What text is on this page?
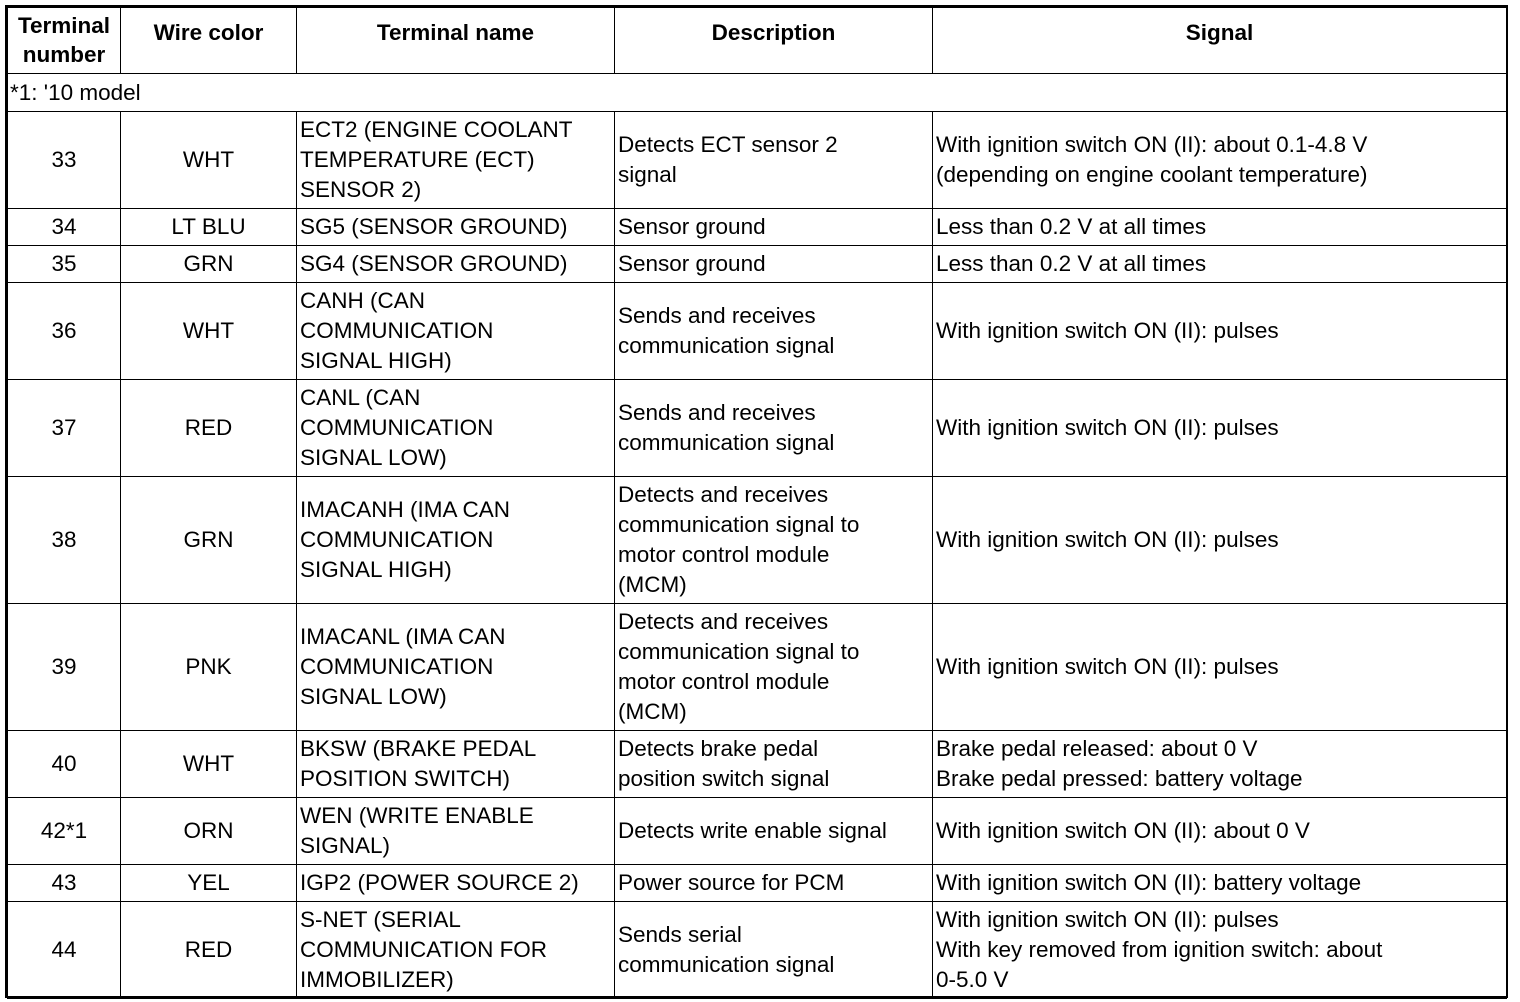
Terminal
number	Wire color	Terminal name	Description	Signal
*1: '10 model				
33	WHT	ECT2 (ENGINE COOLANT
TEMPERATURE (ECT)
SENSOR 2)	Detects ECT sensor 2
signal	With ignition switch ON (II): about 0.1-4.8 V
(depending on engine coolant temperature)
34	LT BLU	SG5 (SENSOR GROUND)	Sensor ground	Less than 0.2 V at all times
35	GRN	SG4 (SENSOR GROUND)	Sensor ground	Less than 0.2 V at all times
36	WHT	CANH (CAN
COMMUNICATION
SIGNAL HIGH)	Sends and receives
communication signal	With ignition switch ON (II): pulses
37	RED	CANL (CAN
COMMUNICATION
SIGNAL LOW)	Sends and receives
communication signal	With ignition switch ON (II): pulses
38	GRN	IMACANH (IMA CAN
COMMUNICATION
SIGNAL HIGH)	Detects and receives
communication signal to
motor control module
(MCM)	With ignition switch ON (II): pulses
39	PNK	IMACANL (IMA CAN
COMMUNICATION
SIGNAL LOW)	Detects and receives
communication signal to
motor control module
(MCM)	With ignition switch ON (II): pulses
40	WHT	BKSW (BRAKE PEDAL
POSITION SWITCH)	Detects brake pedal
position switch signal	Brake pedal released: about 0 V
Brake pedal pressed: battery voltage
42*1	ORN	WEN (WRITE ENABLE
SIGNAL)	Detects write enable signal	With ignition switch ON (II): about 0 V
43	YEL	IGP2 (POWER SOURCE 2)	Power source for PCM	With ignition switch ON (II): battery voltage
44	RED	S-NET (SERIAL
COMMUNICATION FOR
IMMOBILIZER)	Sends serial
communication signal	With ignition switch ON (II): pulses
With key removed from ignition switch: about
0-5.0 V
